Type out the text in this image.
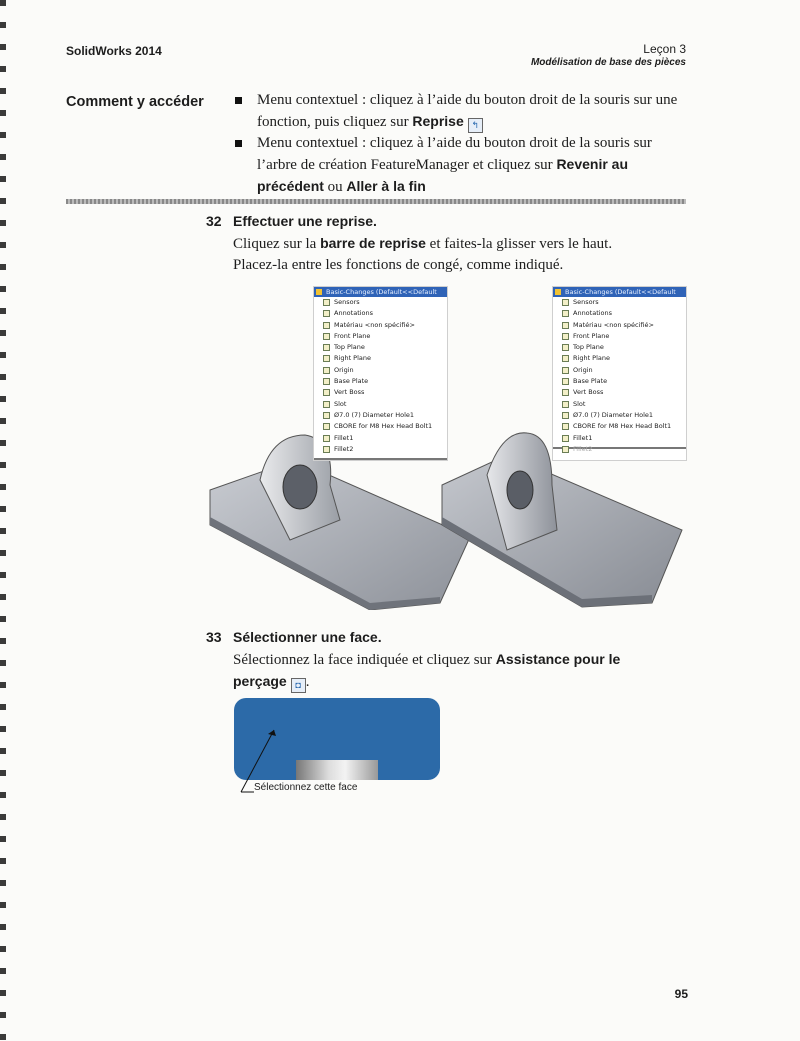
SolidWorks 2014	Leçon 3
Modélisation de base des pièces
Comment y accéder	Menu contextuel : cliquez à l’aide du bouton droit de la souris sur une fonction, puis cliquez sur Reprise ↰
Menu contextuel : cliquez à l’aide du bouton droit de la souris sur l’arbre de création FeatureManager et cliquez sur Revenir au précédent ou Aller à la fin
32 Effectuer une reprise.
Cliquez sur la barre de reprise et faites-la glisser vers le haut.
Placez-la entre les fonctions de congé, comme indiqué.
Basic-Changes (Default<<Default
Sensors
Annotations
Matériau <non spécifié>
Front Plane
Top Plane
Right Plane
Origin
Base Plate
Vert Boss
Slot
Ø7.0 (7) Diameter Hole1
CBORE for M8 Hex Head Bolt1
Fillet1
Fillet2
Basic-Changes (Default<<Default
Sensors
Annotations
Matériau <non spécifié>
Front Plane
Top Plane
Right Plane
Origin
Base Plate
Vert Boss
Slot
Ø7.0 (7) Diameter Hole1
CBORE for M8 Hex Head Bolt1
Fillet1
Fillet2
33 Sélectionner une face.
Sélectionnez la face indiquée et cliquez sur Assistance pour le perçage ◘ .
Sélectionnez cette face
95
